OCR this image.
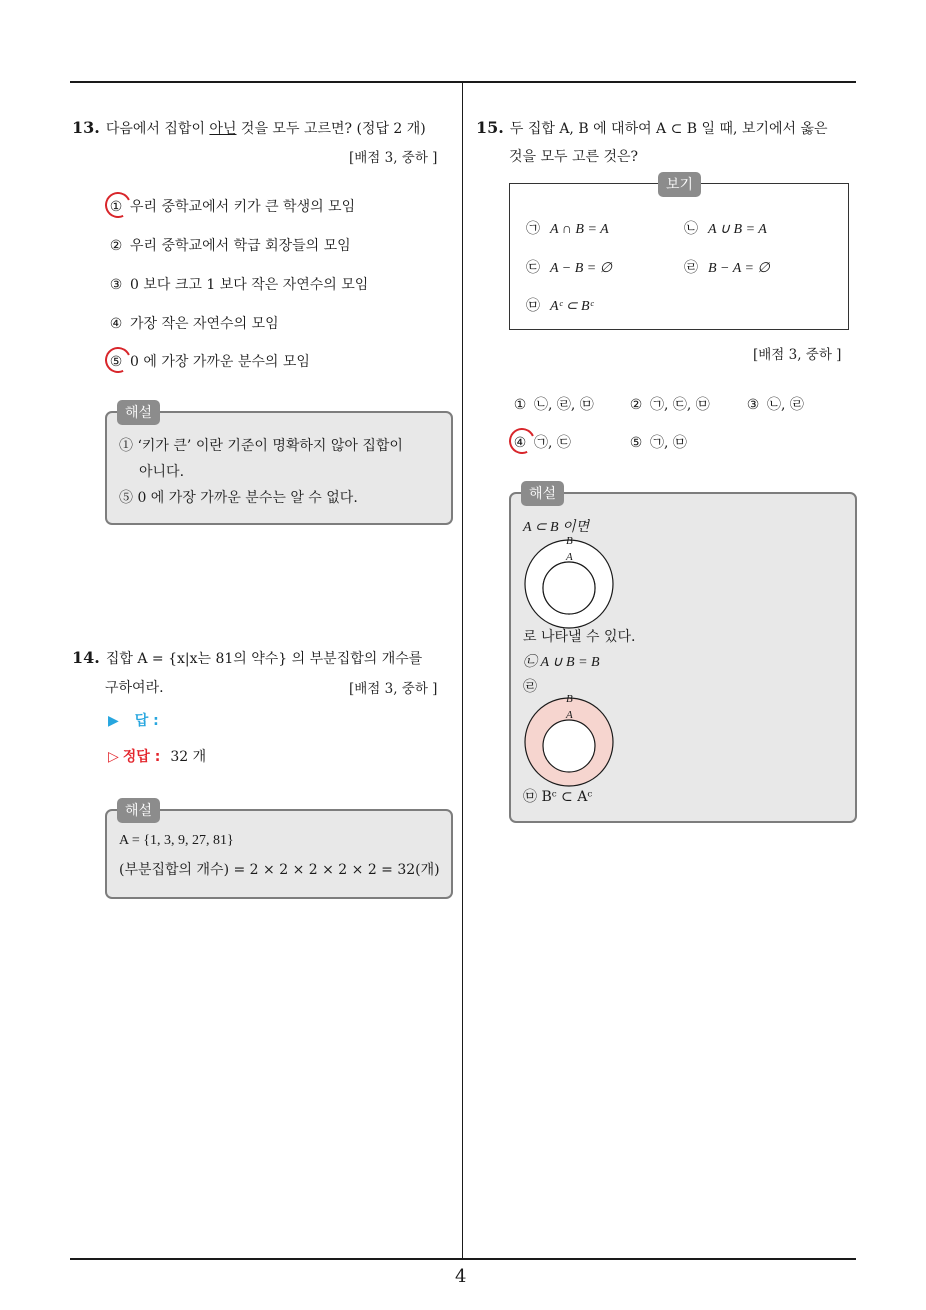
13. 다음에서 집합이 아닌 것을 모두 고르면? (정답 2 개)
[배점 3, 중하 ]
① 우리 중학교에서 키가 큰 학생의 모임
② 우리 중학교에서 학급 회장들의 모임
③ 0 보다 크고 1 보다 작은 자연수의 모임
④ 가장 작은 자연수의 모임
⑤ 0 에 가장 가까운 분수의 모임
① ‘키가 큰’ 이란 기준이 명확하지 않아 집합이
아니다.
⑤ 0 에 가장 가까운 분수는 알 수 없다.
해설
14. 집합 A = {x|x는 81의 약수} 의 부분집합의 개수를
구하여라.	[배점 3, 중하 ]
▶ 답 :
▷ 정답 : 32 개
A = {1, 3, 9, 27, 81}
(부분집합의 개수) = 2 × 2 × 2 × 2 × 2 = 32(개)
해설
15. 두 집합 A, B 에 대하여 A ⊂ B 일 때, 보기에서 옳은
것을 모두 고른 것은?
㉠ A ∩ B = A	㉡ A ∪ B = A
㉢ A − B = ∅	㉣ B − A = ∅
㉤ Aᶜ ⊂ Bᶜ
보기
[배점 3, 중하 ]
① ㉡, ㉣, ㉤	② ㉠, ㉢, ㉤	③ ㉡, ㉣
④ ㉠, ㉢	⑤ ㉠, ㉤
A ⊂ B 이면
B
A
로 나타낼 수 있다.
㉡ A ∪ B = B
㉣
B
A
㉤ Bᶜ ⊂ Aᶜ
해설
4
